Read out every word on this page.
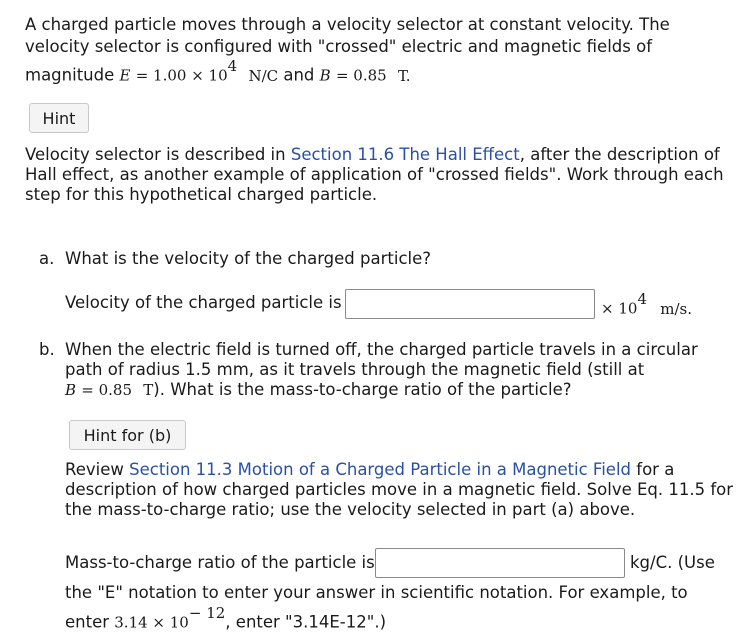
A charged particle moves through a velocity selector at constant velocity. The
velocity selector is configured with "crossed" electric and magnetic fields of
magnitude $E = 1.00 \times 10^4$ N/C and B = 0.85 T.
Hint
Velocity selector is described in Section 11.6 The Hall Effect, after the description of
Hall effect, as another example of application of "crossed fields". Work through each
step for this hypothetical charged particle.
a. What is the velocity of the charged particle?
Velocity of the charged particle is	× $10^4$ m/s.
b. When the electric field is turned off, the charged particle travels in a circular
path of radius 1.5 mm, as it travels through the magnetic field (still at
B = 0.85 T). What is the mass-to-charge ratio of the particle?
Hint for (b)
Review Section 11.3 Motion of a Charged Particle in a Magnetic Field for a
description of how charged particles move in a magnetic field. Solve Eq. 11.5 for
the mass-to-charge ratio; use the velocity selected in part (a) above.
Mass-to-charge ratio of the particle is	kg/C. (Use
the "E" notation to enter your answer in scientific notation. For example, to
enter $3.14 \times 10^{- 12}$, enter "3.14E-12".)
